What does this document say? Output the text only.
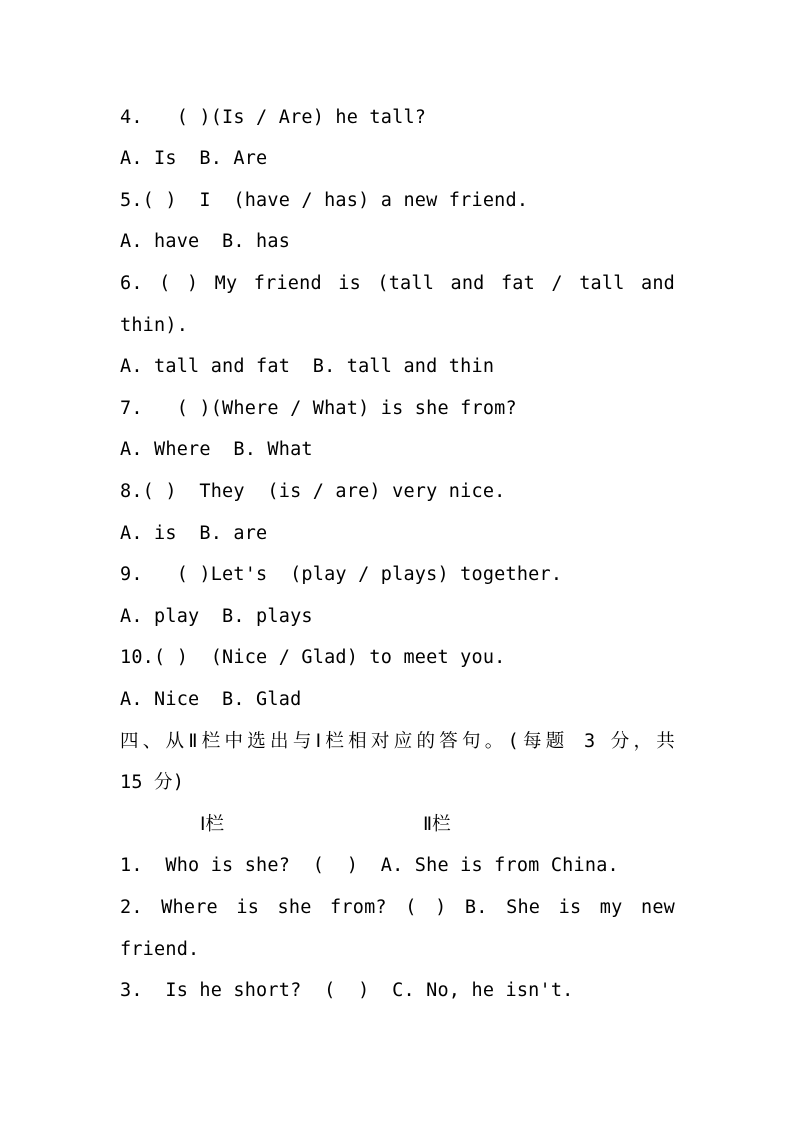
4.   ( )(Is / Are) he tall?
A. Is  B. Are
5.( )  I  (have / has) a new friend.
A. have  B. has
6. ( ) My friend is (tall and fat / tall and
thin).
A. tall and fat  B. tall and thin
7.   ( )(Where / What) is she from?
A. Where  B. What
8.( )  They  (is / are) very nice.
A. is  B. are
9.   ( )Let's  (play / plays) together.
A. play  B. plays
10.( )  (Nice / Glad) to meet you.
A. Nice  B. Glad
四、从Ⅱ栏中选出与Ⅰ栏相对应的答句。(每题 3 分，共
15 分)
Ⅰ栏	Ⅱ栏
1.  Who is she?  (  )  A. She is from China.
2. Where is she from? ( ) B. She is my new
friend.
3.  Is he short?  (  )  C. No, he isn't.
